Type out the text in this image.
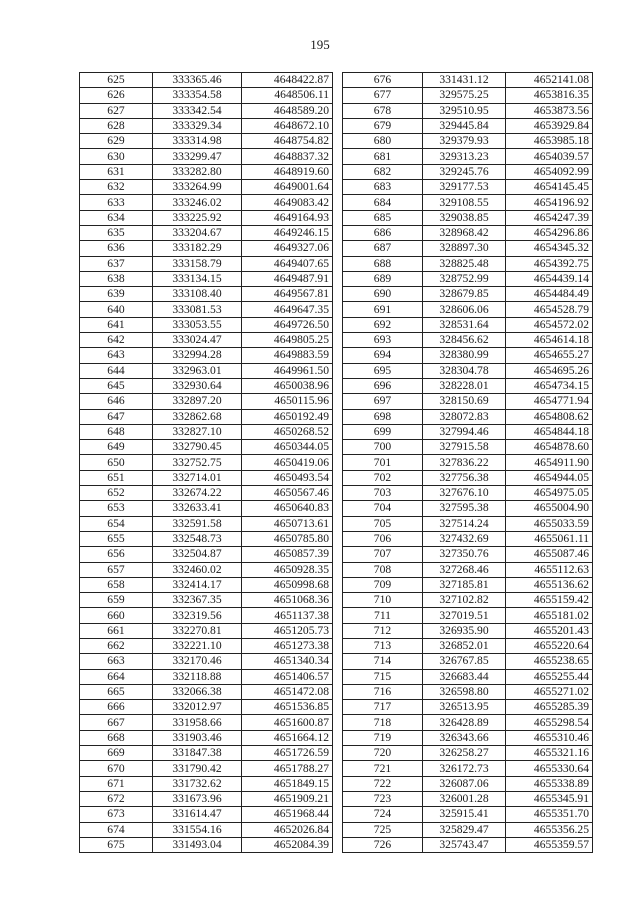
195
625	333365.46	4648422.87
626	333354.58	4648506.11
627	333342.54	4648589.20
628	333329.34	4648672.10
629	333314.98	4648754.82
630	333299.47	4648837.32
631	333282.80	4648919.60
632	333264.99	4649001.64
633	333246.02	4649083.42
634	333225.92	4649164.93
635	333204.67	4649246.15
636	333182.29	4649327.06
637	333158.79	4649407.65
638	333134.15	4649487.91
639	333108.40	4649567.81
640	333081.53	4649647.35
641	333053.55	4649726.50
642	333024.47	4649805.25
643	332994.28	4649883.59
644	332963.01	4649961.50
645	332930.64	4650038.96
646	332897.20	4650115.96
647	332862.68	4650192.49
648	332827.10	4650268.52
649	332790.45	4650344.05
650	332752.75	4650419.06
651	332714.01	4650493.54
652	332674.22	4650567.46
653	332633.41	4650640.83
654	332591.58	4650713.61
655	332548.73	4650785.80
656	332504.87	4650857.39
657	332460.02	4650928.35
658	332414.17	4650998.68
659	332367.35	4651068.36
660	332319.56	4651137.38
661	332270.81	4651205.73
662	332221.10	4651273.38
663	332170.46	4651340.34
664	332118.88	4651406.57
665	332066.38	4651472.08
666	332012.97	4651536.85
667	331958.66	4651600.87
668	331903.46	4651664.12
669	331847.38	4651726.59
670	331790.42	4651788.27
671	331732.62	4651849.15
672	331673.96	4651909.21
673	331614.47	4651968.44
674	331554.16	4652026.84
675	331493.04	4652084.39
676	331431.12	4652141.08
677	329575.25	4653816.35
678	329510.95	4653873.56
679	329445.84	4653929.84
680	329379.93	4653985.18
681	329313.23	4654039.57
682	329245.76	4654092.99
683	329177.53	4654145.45
684	329108.55	4654196.92
685	329038.85	4654247.39
686	328968.42	4654296.86
687	328897.30	4654345.32
688	328825.48	4654392.75
689	328752.99	4654439.14
690	328679.85	4654484.49
691	328606.06	4654528.79
692	328531.64	4654572.02
693	328456.62	4654614.18
694	328380.99	4654655.27
695	328304.78	4654695.26
696	328228.01	4654734.15
697	328150.69	4654771.94
698	328072.83	4654808.62
699	327994.46	4654844.18
700	327915.58	4654878.60
701	327836.22	4654911.90
702	327756.38	4654944.05
703	327676.10	4654975.05
704	327595.38	4655004.90
705	327514.24	4655033.59
706	327432.69	4655061.11
707	327350.76	4655087.46
708	327268.46	4655112.63
709	327185.81	4655136.62
710	327102.82	4655159.42
711	327019.51	4655181.02
712	326935.90	4655201.43
713	326852.01	4655220.64
714	326767.85	4655238.65
715	326683.44	4655255.44
716	326598.80	4655271.02
717	326513.95	4655285.39
718	326428.89	4655298.54
719	326343.66	4655310.46
720	326258.27	4655321.16
721	326172.73	4655330.64
722	326087.06	4655338.89
723	326001.28	4655345.91
724	325915.41	4655351.70
725	325829.47	4655356.25
726	325743.47	4655359.57
